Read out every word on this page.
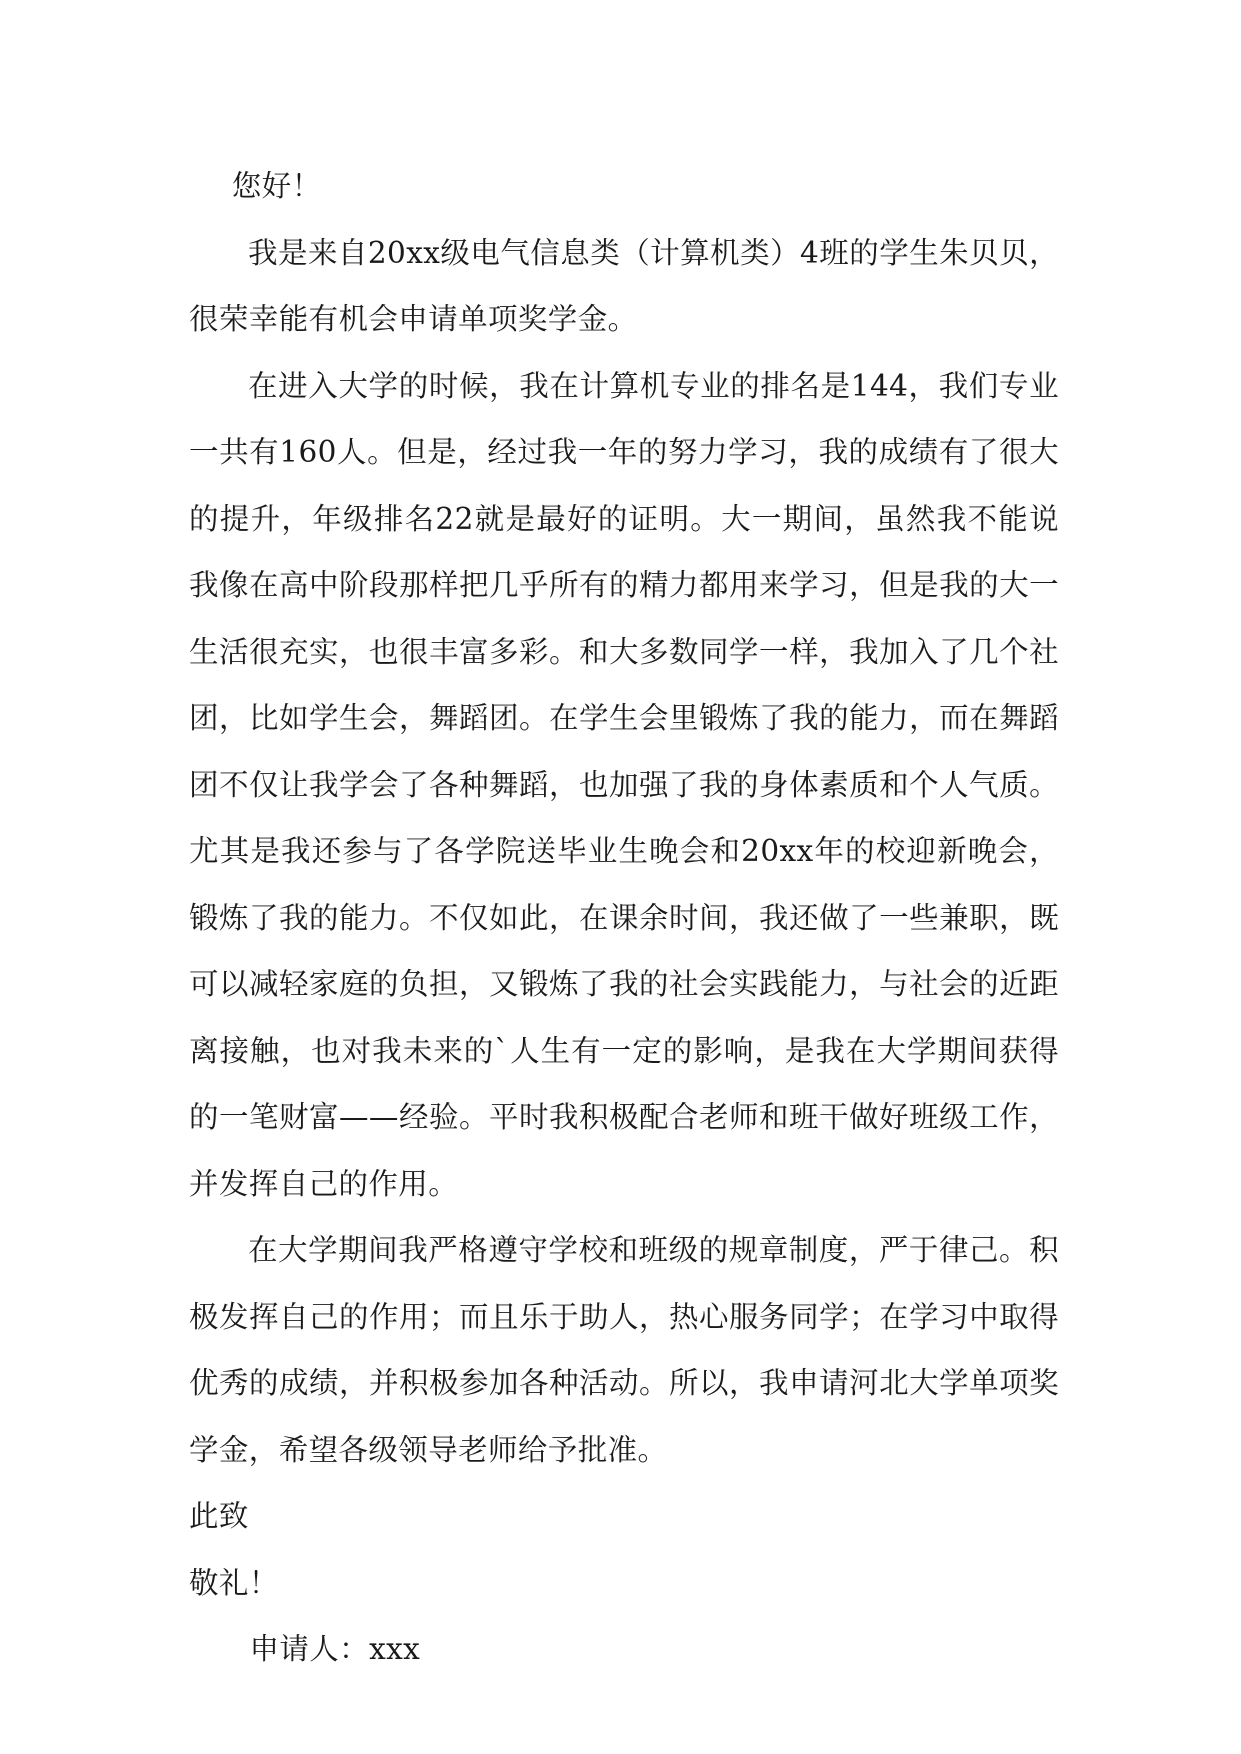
您好！

我是来自20xx级电气信息类（计算机类）4班的学生朱贝贝，很荣幸能有机会申请单项奖学金。

在进入大学的时候，我在计算机专业的排名是144，我们专业一共有160人。但是，经过我一年的努力学习，我的成绩有了很大的提升，年级排名22就是最好的证明。大一期间，虽然我不能说我像在高中阶段那样把几乎所有的精力都用来学习，但是我的大一生活很充实，也很丰富多彩。和大多数同学一样，我加入了几个社团，比如学生会，舞蹈团。在学生会里锻炼了我的能力，而在舞蹈团不仅让我学会了各种舞蹈，也加强了我的身体素质和个人气质。尤其是我还参与了各学院送毕业生晚会和20xx年的校迎新晚会，锻炼了我的能力。不仅如此，在课余时间，我还做了一些兼职，既可以减轻家庭的负担，又锻炼了我的社会实践能力，与社会的近距离接触，也对我未来的`人生有一定的影响，是我在大学期间获得的一笔财富——经验。平时我积极配合老师和班干做好班级工作，并发挥自己的作用。

在大学期间我严格遵守学校和班级的规章制度，严于律己。积极发挥自己的作用；而且乐于助人，热心服务同学；在学习中取得优秀的成绩，并积极参加各种活动。所以，我申请河北大学单项奖学金，希望各级领导老师给予批准。

此致

敬礼！

申请人：xxx
